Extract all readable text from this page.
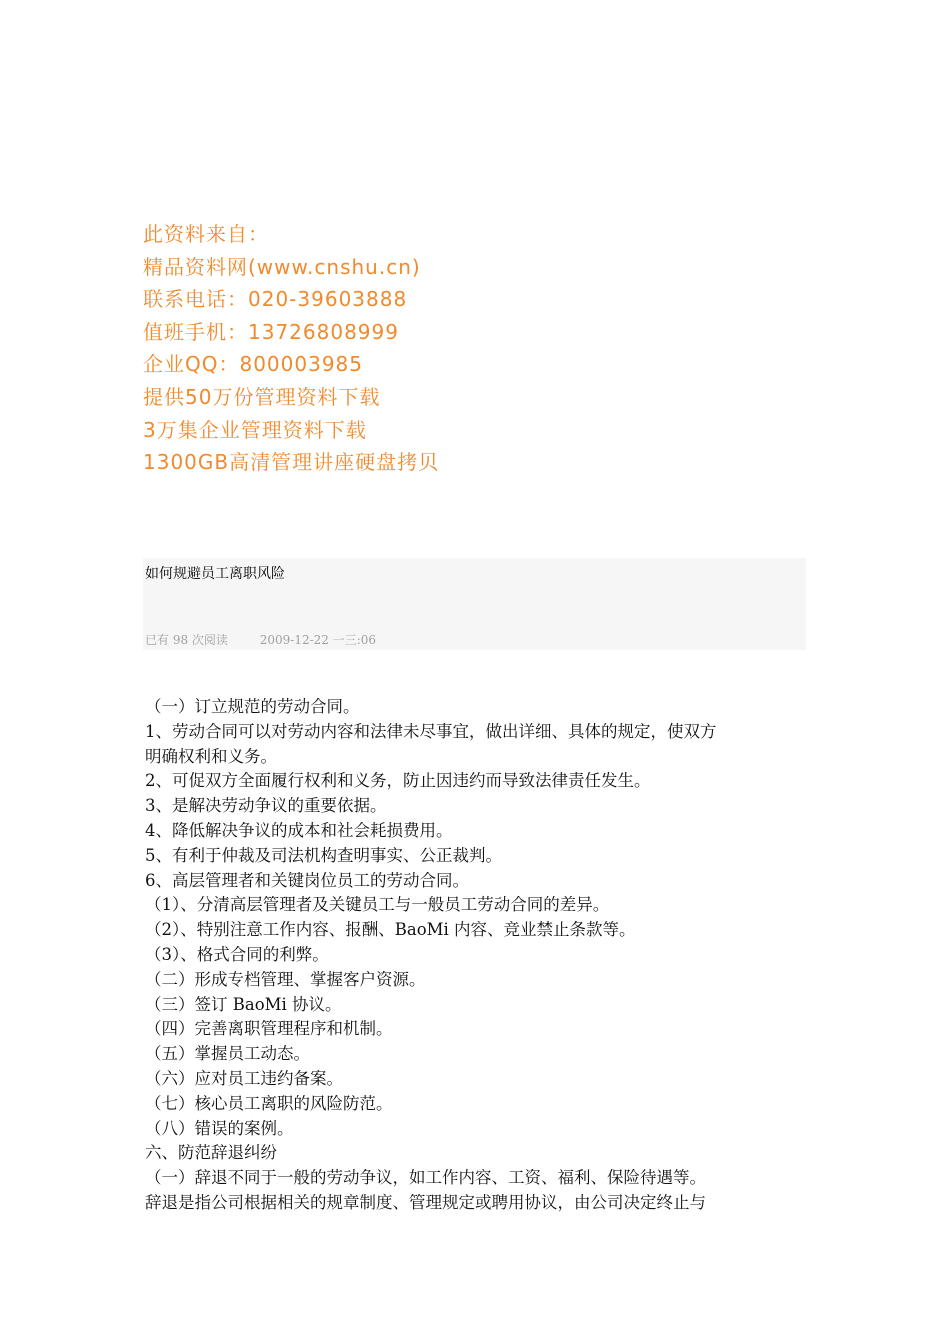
此资料来自：
精品资料网(www.cnshu.cn)
联系电话：020-39603888
值班手机：13726808999
企业QQ：800003985
提供50万份管理资料下载
3万集企业管理资料下载
1300GB高清管理讲座硬盘拷贝
如何规避员工离职风险
已有 98 次阅读	2009-12-22 一三:06
（一）订立规范的劳动合同。
1、劳动合同可以对劳动内容和法律未尽事宜，做出详细、具体的规定，使双方
明确权利和义务。
2、可促双方全面履行权利和义务，防止因违约而导致法律责任发生。
3、是解决劳动争议的重要依据。
4、降低解决争议的成本和社会耗损费用。
5、有利于仲裁及司法机构查明事实、公正裁判。
6、高层管理者和关键岗位员工的劳动合同。
（1）、分清高层管理者及关键员工与一般员工劳动合同的差异。
（2）、特别注意工作内容、报酬、BaoMi 内容、竞业禁止条款等。
（3）、格式合同的利弊。
（二）形成专档管理、掌握客户资源。
（三）签订 BaoMi 协议。
（四）完善离职管理程序和机制。
（五）掌握员工动态。
（六）应对员工违约备案。
（七）核心员工离职的风险防范。
（八）错误的案例。
六、防范辞退纠纷
（一）辞退不同于一般的劳动争议，如工作内容、工资、福利、保险待遇等。
辞退是指公司根据相关的规章制度、管理规定或聘用协议，由公司决定终止与
